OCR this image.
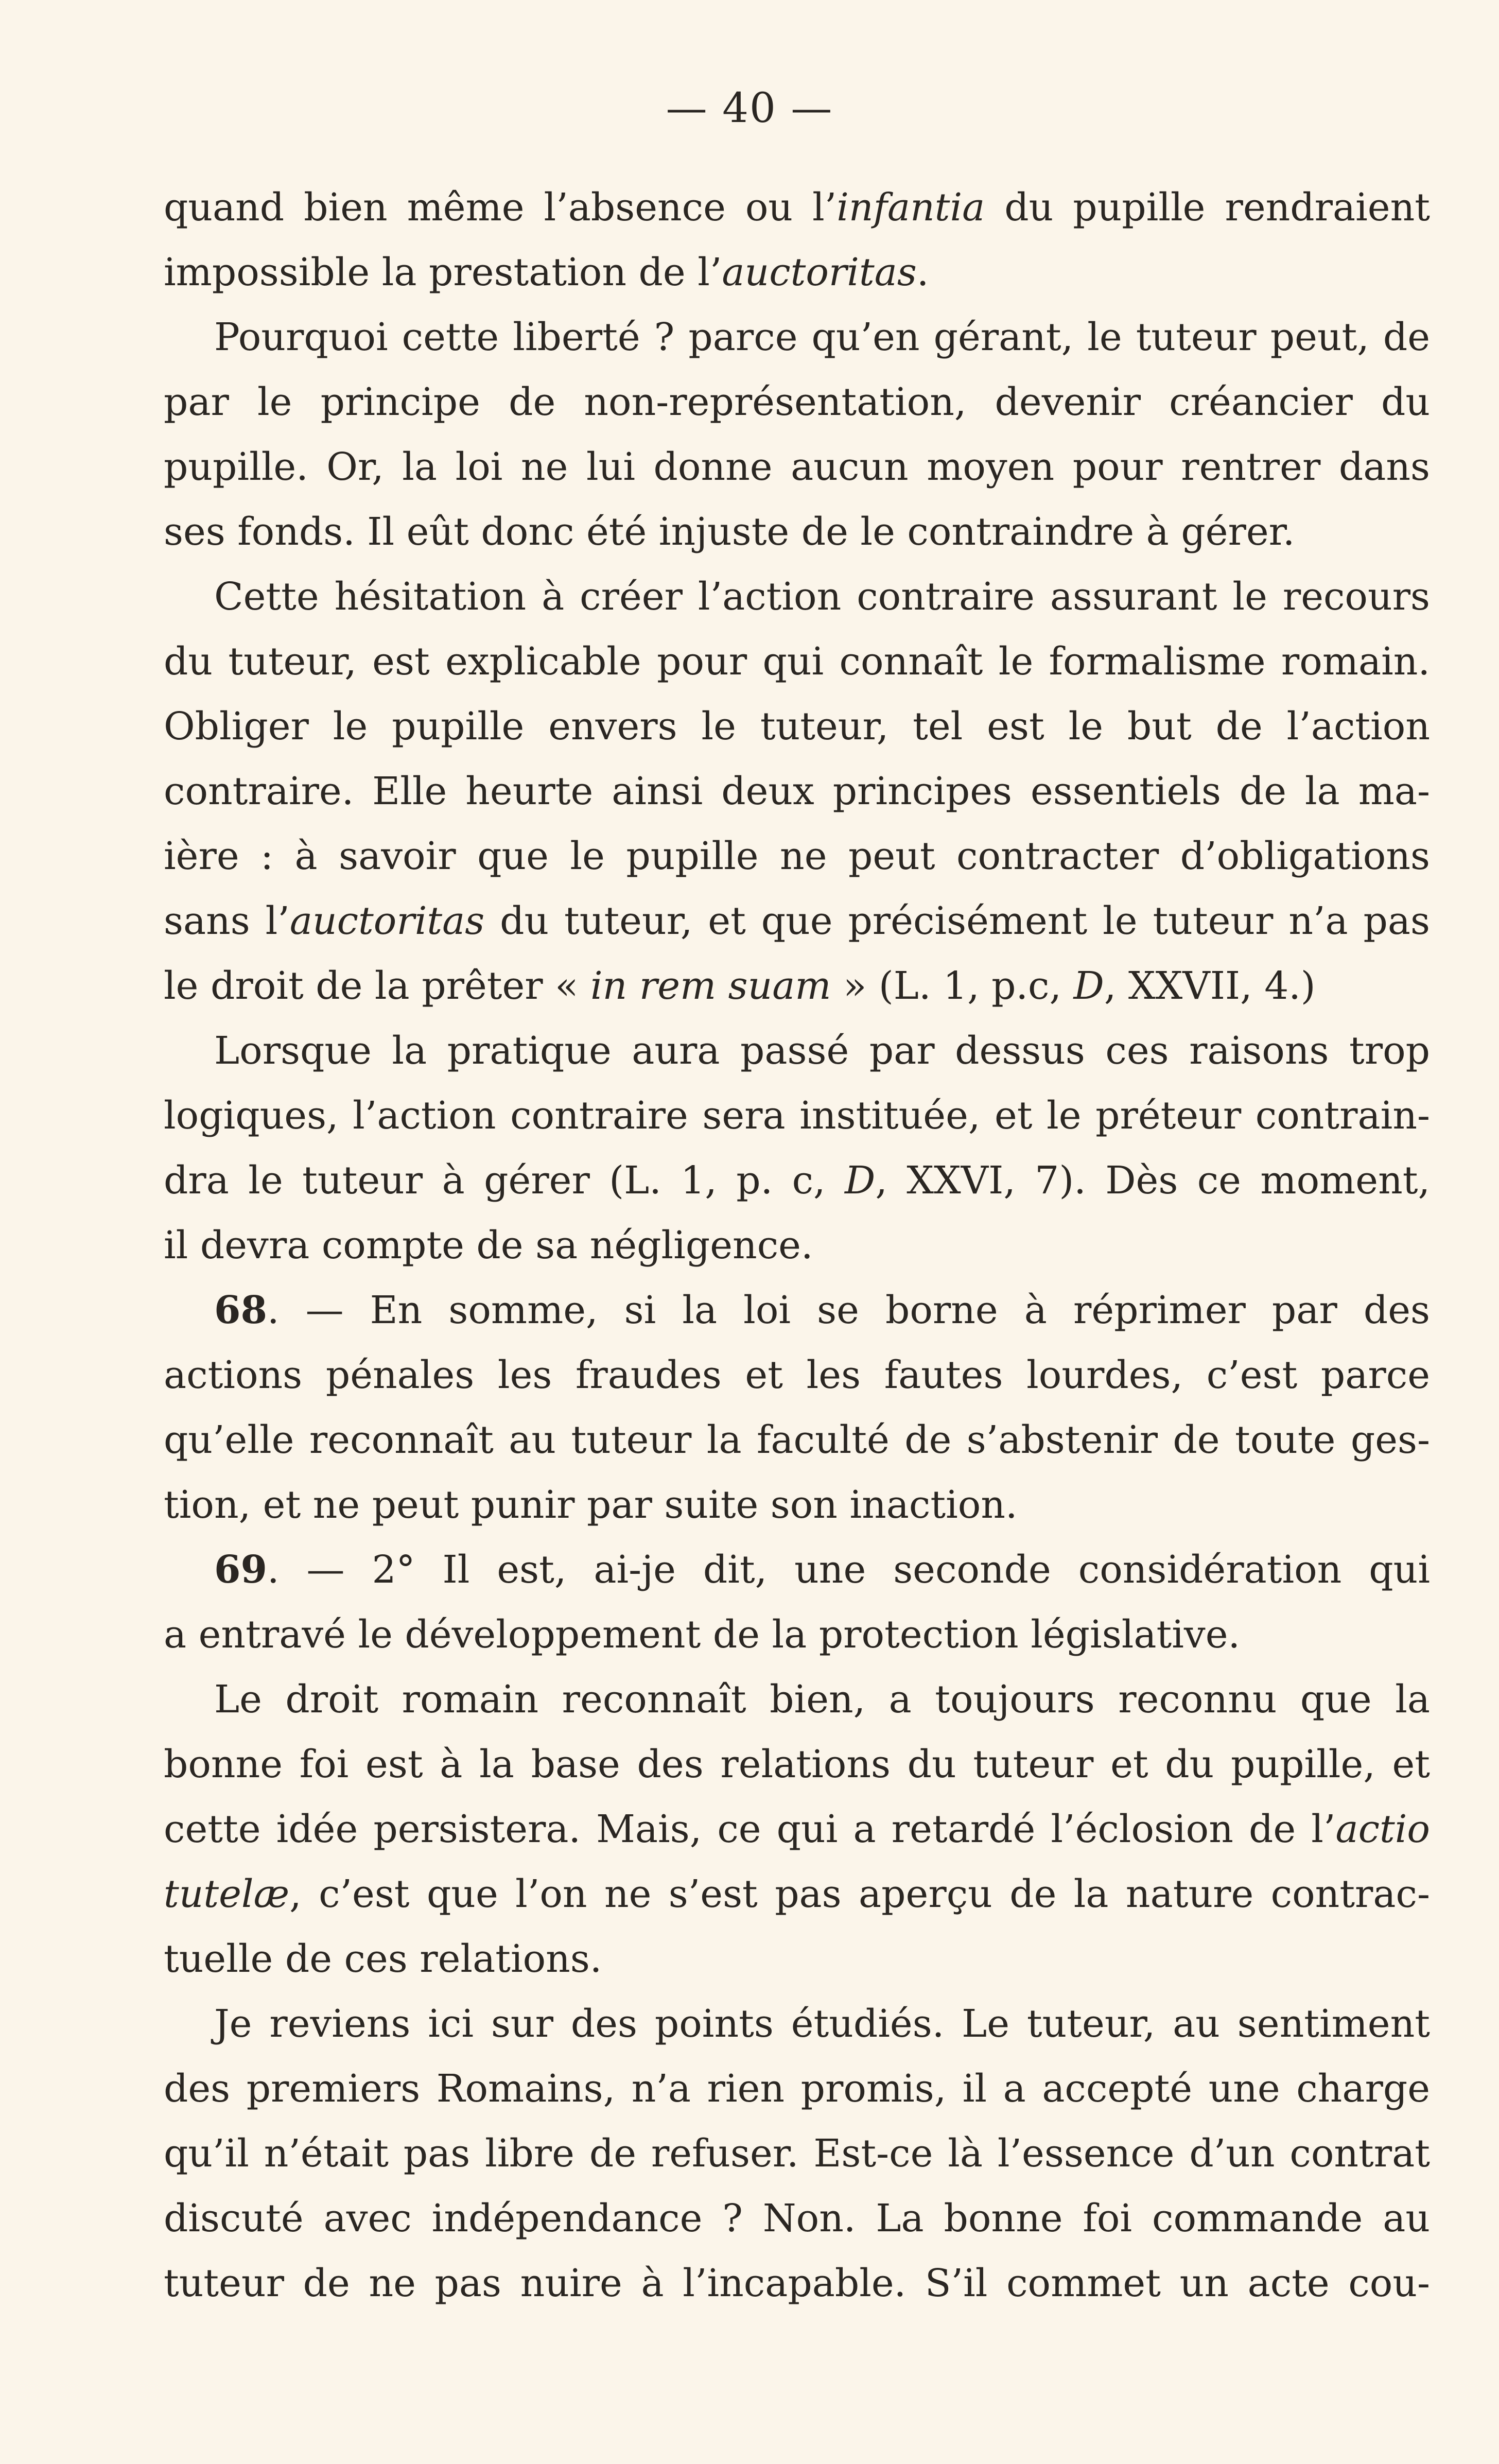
— 40 —
quand bien même l’absence ou l’infantia du pupille rendraient
impossible la prestation de l’auctoritas.
Pourquoi cette liberté ? parce qu’en gérant, le tuteur peut, de
par le principe de non-représentation, devenir créancier du
pupille. Or, la loi ne lui donne aucun moyen pour rentrer dans
ses fonds. Il eût donc été injuste de le contraindre à gérer.
Cette hésitation à créer l’action contraire assurant le recours
du tuteur, est explicable pour qui connaît le formalisme romain.
Obliger le pupille envers le tuteur, tel est le but de l’action
contraire. Elle heurte ainsi deux principes essentiels de la ma-
ière : à savoir que le pupille ne peut contracter d’obligations
sans l’auctoritas du tuteur, et que précisément le tuteur n’a pas
le droit de la prêter « in rem suam » (L. 1, p.c, D, XXVII, 4.)
Lorsque la pratique aura passé par dessus ces raisons trop
logiques, l’action contraire sera instituée, et le préteur contrain-
dra le tuteur à gérer (L. 1, p. c, D, XXVI, 7). Dès ce moment,
il devra compte de sa négligence.
68. — En somme, si la loi se borne à réprimer par des
actions pénales les fraudes et les fautes lourdes, c’est parce
qu’elle reconnaît au tuteur la faculté de s’abstenir de toute ges-
tion, et ne peut punir par suite son inaction.
69. — 2° Il est, ai-je dit, une seconde considération qui
a entravé le développement de la protection législative.
Le droit romain reconnaît bien, a toujours reconnu que la
bonne foi est à la base des relations du tuteur et du pupille, et
cette idée persistera. Mais, ce qui a retardé l’éclosion de l’actio
tutelæ, c’est que l’on ne s’est pas aperçu de la nature contrac-
tuelle de ces relations.
Je reviens ici sur des points étudiés. Le tuteur, au sentiment
des premiers Romains, n’a rien promis, il a accepté une charge
qu’il n’était pas libre de refuser. Est-ce là l’essence d’un contrat
discuté avec indépendance ? Non. La bonne foi commande au
tuteur de ne pas nuire à l’incapable. S’il commet un acte cou-
